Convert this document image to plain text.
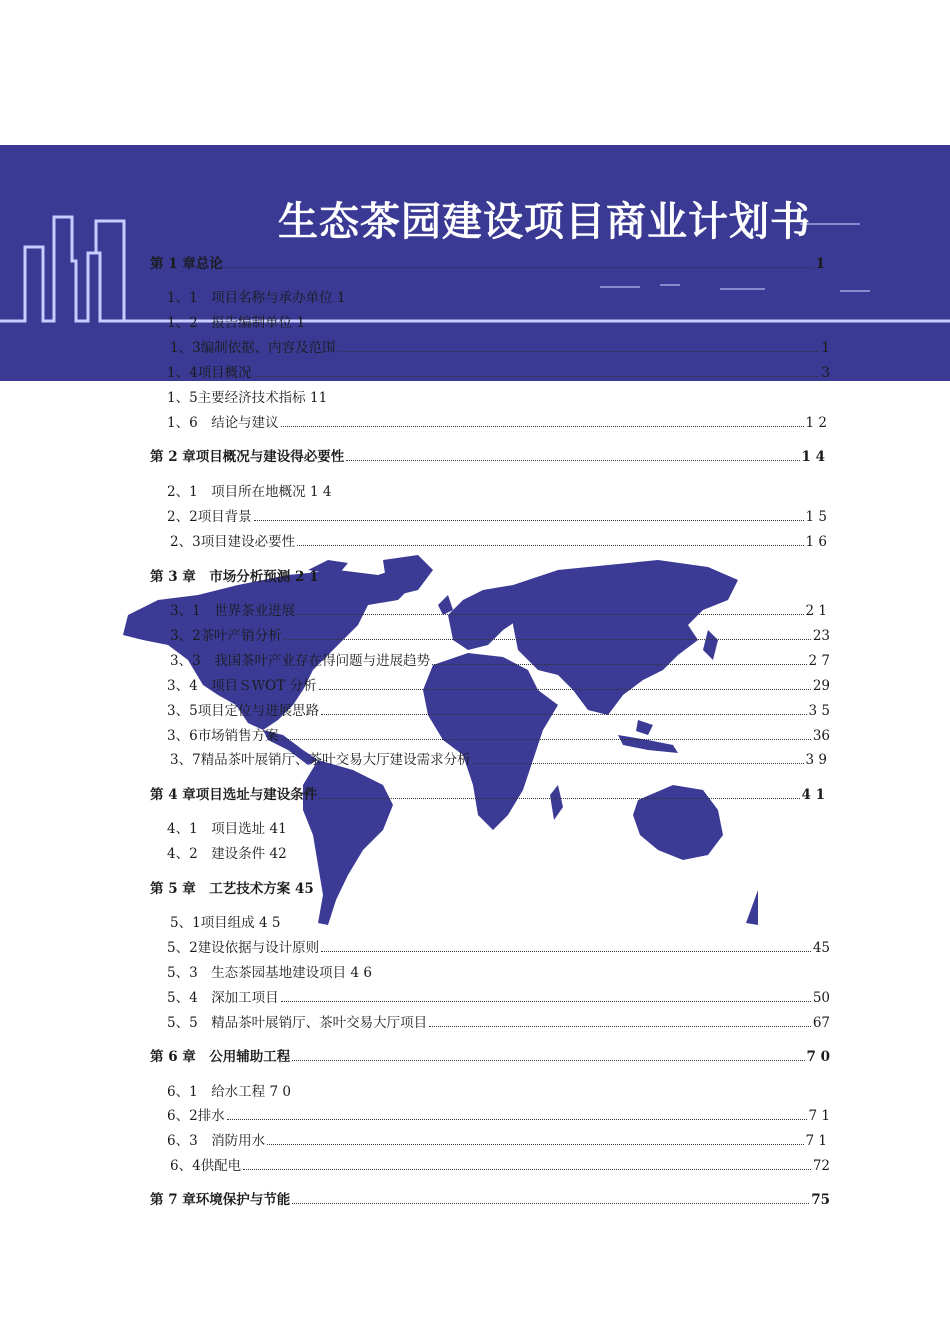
生态茶园建设项目商业计划书
第 1 章 总论	1
1、1　 项目名称与承办单位 1
1、2　 报告编制单位 1
1、3 编制依据、内容及范围	1
1、4 项目概况	3
1、5 主要经济技术指标 11
1、6　 结论与建议	1 2
第 2 章 项目概况与建设得必要性	1 4
2、1　 项目所在地概况 1 4
2、2 项目背景	1 5
2、3 项目建设必要性	1 6
第 3 章　 市场分析预测 2 1
3、1　 世界茶业进展	2 1
3、2 茶叶产销分析	23
3、3　 我国茶叶产业存在得问题与进展趋势	2 7
3、4　 项目ＳＷOT 分析	29
3、5 项目定位与进展思路	3 5
3、6 市场销售方案	36
3、7 精品茶叶展销厅、茶叶交易大厅建设需求分析	3 9
第 4 章 项目选址与建设条件	4 1
4、1　 项目选址 41
4、2　 建设条件 42
第 5 章　 工艺技术方案 45
5、1 项目组成 4 5
5、2 建设依据与设计原则	45
5、3　 生态茶园基地建设项目 4 6
5、4　 深加工项目	50
5、5　 精品茶叶展销厅、茶叶交易大厅项目	67
第 6 章　 公用辅助工程	7 0
6、1　 给水工程 7 0
6、2 排水	7 1
6、3　 消防用水	7 1
6、4 供配电	72
第 7 章 环境保护与节能	75
